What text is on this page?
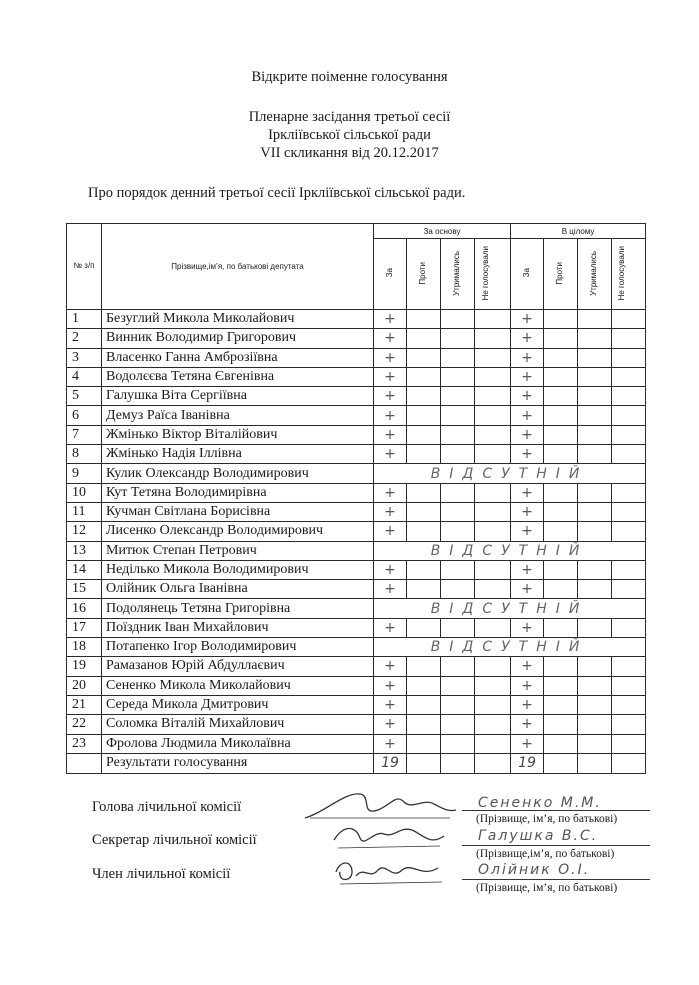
Відкрите поіменне голосування
Пленарне засідання третьої сесії
Ірклiївської сільської ради
VII скликання від 20.12.2017
Про порядок денний третьої сесії Ірклiївської сільської ради.
№ з/п	Прізвище,ім’я, по батькові депутата	За основу				В цілому			
		За	Проти	Утримались	Не голосували	За	Проти	Утримались	Не голосували
1	Безуглий Микола Миколайович	+				+			
2	Винник Володимир Григорович	+				+			
3	Власенко Ганна Амброзіївна	+				+			
4	Водолєєва Тетяна Євгенівна	+				+			
5	Галушка Віта Сергіївна	+				+			
6	Демуз Раїса Іванівна	+				+			
7	Жмінько Віктор Віталійович	+				+			
8	Жмінько Надія Іллівна	+				+			
9	Кулик Олександр Володимирович	ВІДСУТНІЙ							
10	Кут Тетяна Володимирівна	+				+			
11	Кучман Світлана Борисівна	+				+			
12	Лисенко Олександр Володимирович	+				+			
13	Митюк Степан Петрович	ВІДСУТНІЙ							
14	Неділько Микола Володимирович	+				+			
15	Олійник Ольга Іванівна	+				+			
16	Подолянець Тетяна Григорівна	ВІДСУТНІЙ							
17	Поїздник Іван Михайлович	+				+			
18	Потапенко Ігор Володимирович	ВІДСУТНІЙ							
19	Рамазанов Юрій Абдуллаєвич	+				+			
20	Сененко Микола Миколайович	+				+			
21	Середа Микола Дмитрович	+				+			
22	Соломка Віталій Михайлович	+				+			
23	Фролова Людмила Миколаївна	+				+			
	Результати голосування	19				19			
Голова лічильної комісії	Сененко М.М.
(Прізвище, ім’я, по батькові)
Секретар лічильної комісії	Галушка В.С.
(Прізвище,ім’я, по батькові)
Член лічильної комісії	Олійник О.І.
(Прізвище, ім’я, по батькові)
